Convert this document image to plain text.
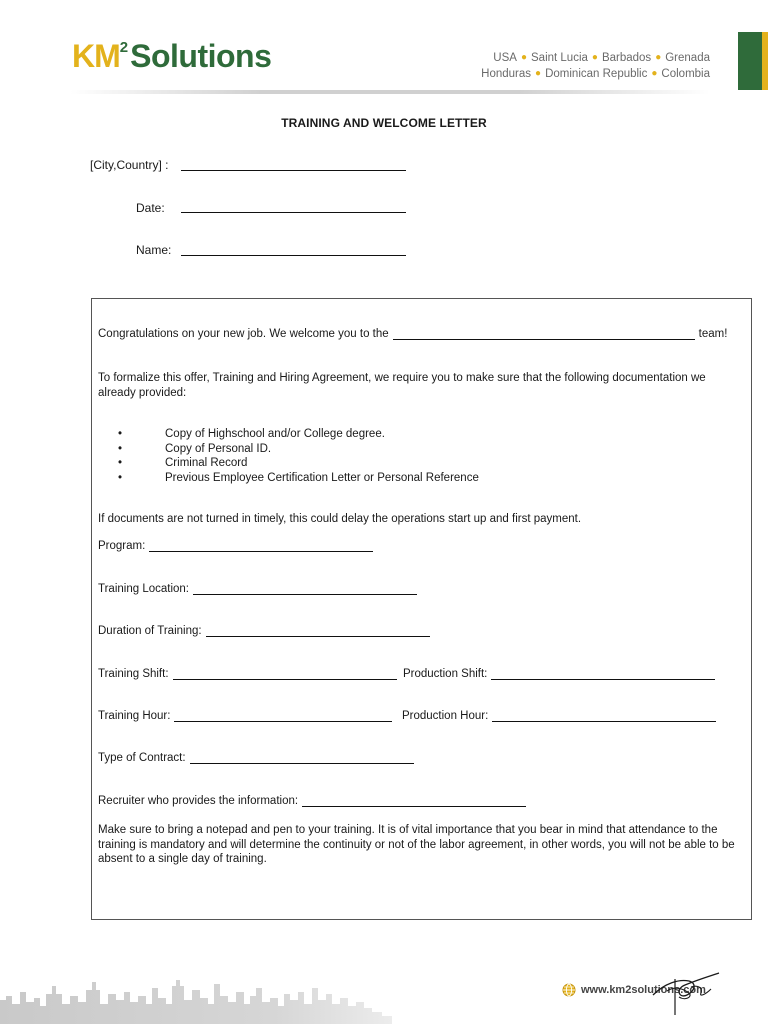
KM 2 Solutions	USA ● Saint Lucia ● Barbados ● Grenada
Honduras ● Dominican Republic ● Colombia
TRAINING AND WELCOME LETTER
[City,Country] :
Date:
Name:
Congratulations on your new job. We welcome you to the	team!
To formalize this offer, Training and Hiring Agreement, we require you to make sure that the following documentation we already provided:
•	Copy of Highschool and/or College degree.
•	Copy of Personal ID.
•	Criminal Record
•	Previous Employee Certification Letter or Personal Reference
If documents are not turned in timely, this could delay the operations start up and first payment.
Program:
Training Location:
Duration of Training:
Training Shift:	Production Shift:
Training Hour:	Production Hour:
Type of Contract:
Recruiter who provides the information:
Make sure to bring a notepad and pen to your training. It is of vital importance that you bear in mind that attendance to the training is mandatory and will determine the continuity or not of the labor agreement, in other words, you will not be able to be absent to a single day of training.
www.km2solutions.com
